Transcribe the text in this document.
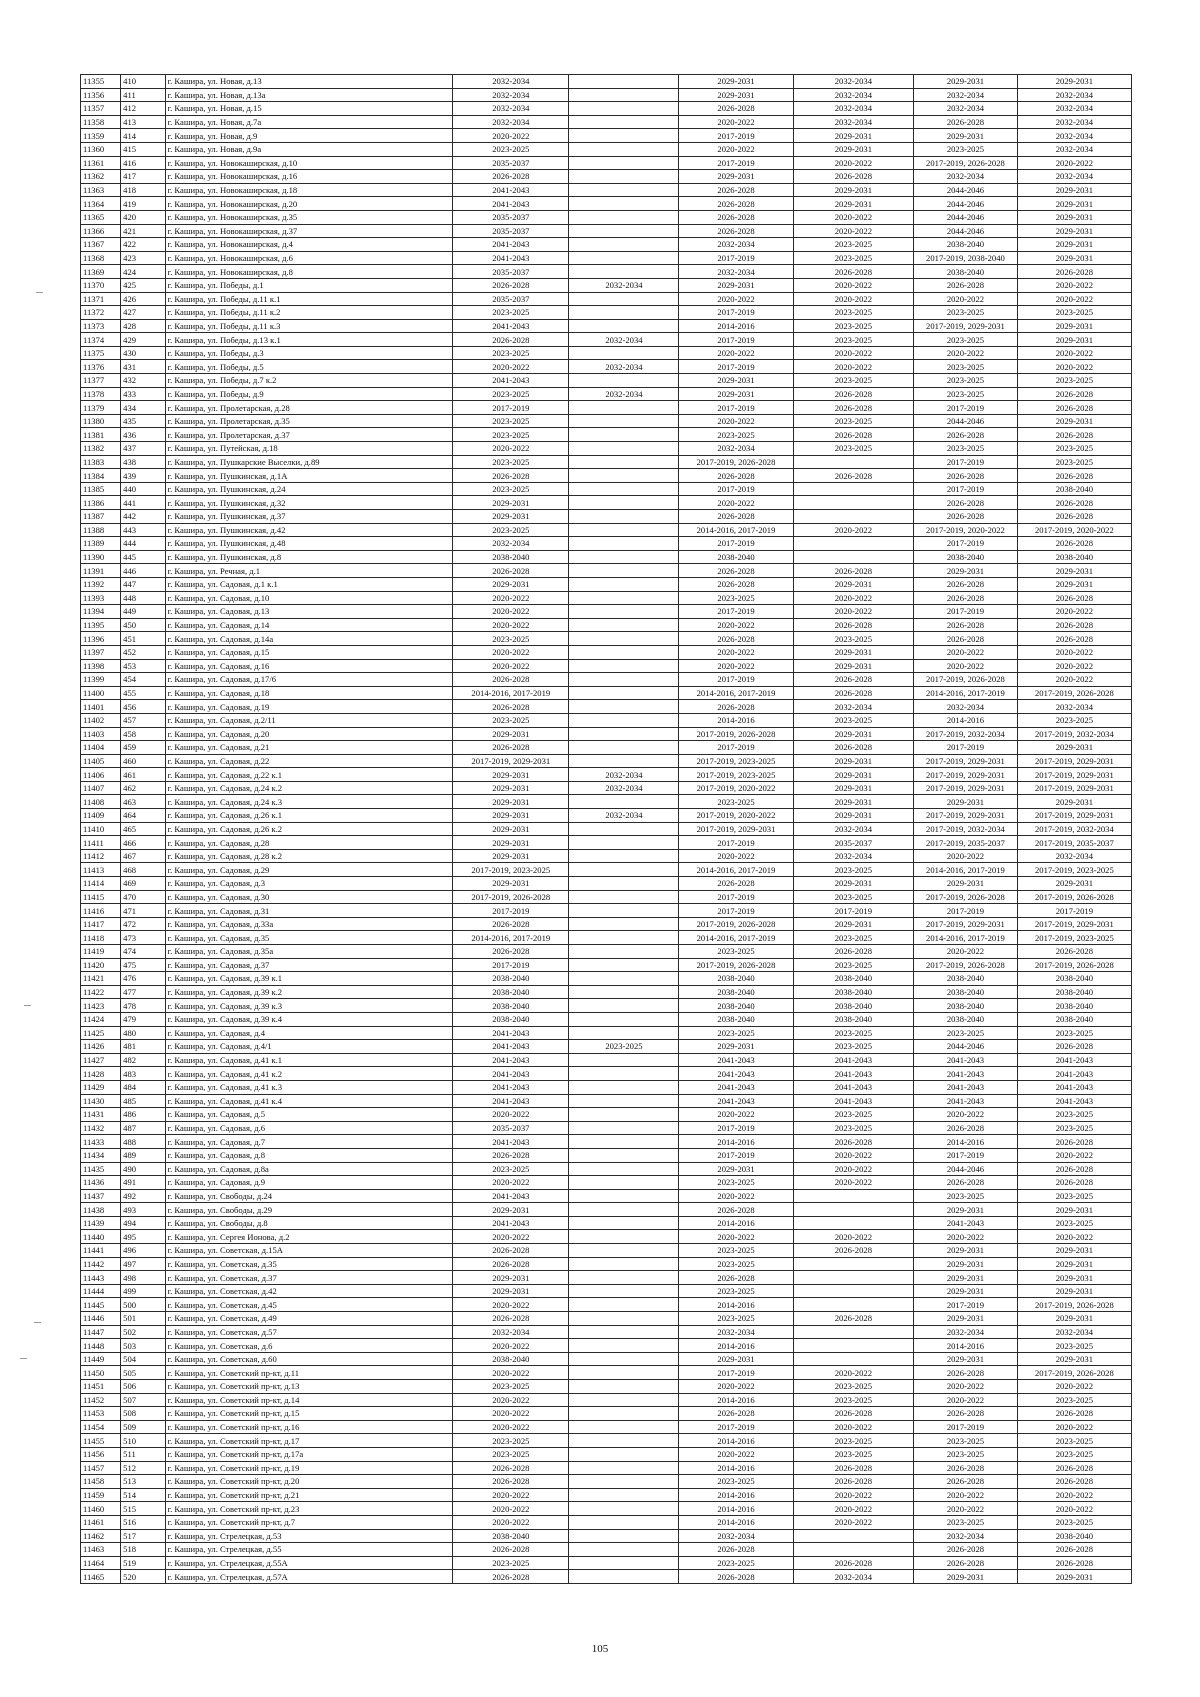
11355	410	г. Кашира, ул. Новая, д.13	2032-2034		2029-2031	2032-2034	2029-2031	2029-2031
11356	411	г. Кашира, ул. Новая, д.13а	2032-2034		2029-2031	2032-2034	2032-2034	2032-2034
11357	412	г. Кашира, ул. Новая, д.15	2032-2034		2026-2028	2032-2034	2032-2034	2032-2034
11358	413	г. Кашира, ул. Новая, д.7а	2032-2034		2020-2022	2032-2034	2026-2028	2032-2034
11359	414	г. Кашира, ул. Новая, д.9	2020-2022		2017-2019	2029-2031	2029-2031	2032-2034
11360	415	г. Кашира, ул. Новая, д.9а	2023-2025		2020-2022	2029-2031	2023-2025	2032-2034
11361	416	г. Кашира, ул. Новокаширская, д.10	2035-2037		2017-2019	2020-2022	2017-2019, 2026-2028	2020-2022
11362	417	г. Кашира, ул. Новокаширская, д.16	2026-2028		2029-2031	2026-2028	2032-2034	2032-2034
11363	418	г. Кашира, ул. Новокаширская, д.18	2041-2043		2026-2028	2029-2031	2044-2046	2029-2031
11364	419	г. Кашира, ул. Новокаширская, д.20	2041-2043		2026-2028	2029-2031	2044-2046	2029-2031
11365	420	г. Кашира, ул. Новокаширская, д.35	2035-2037		2026-2028	2020-2022	2044-2046	2029-2031
11366	421	г. Кашира, ул. Новокаширская, д.37	2035-2037		2026-2028	2020-2022	2044-2046	2029-2031
11367	422	г. Кашира, ул. Новокаширская, д.4	2041-2043		2032-2034	2023-2025	2038-2040	2029-2031
11368	423	г. Кашира, ул. Новокаширская, д.6	2041-2043		2017-2019	2023-2025	2017-2019, 2038-2040	2029-2031
11369	424	г. Кашира, ул. Новокаширская, д.8	2035-2037		2032-2034	2026-2028	2038-2040	2026-2028
11370	425	г. Кашира, ул. Победы, д.1	2026-2028	2032-2034	2029-2031	2020-2022	2026-2028	2020-2022
11371	426	г. Кашира, ул. Победы, д.11 к.1	2035-2037		2020-2022	2020-2022	2020-2022	2020-2022
11372	427	г. Кашира, ул. Победы, д.11 к.2	2023-2025		2017-2019	2023-2025	2023-2025	2023-2025
11373	428	г. Кашира, ул. Победы, д.11 к.3	2041-2043		2014-2016	2023-2025	2017-2019, 2029-2031	2029-2031
11374	429	г. Кашира, ул. Победы, д.13 к.1	2026-2028	2032-2034	2017-2019	2023-2025	2023-2025	2029-2031
11375	430	г. Кашира, ул. Победы, д.3	2023-2025		2020-2022	2020-2022	2020-2022	2020-2022
11376	431	г. Кашира, ул. Победы, д.5	2020-2022	2032-2034	2017-2019	2020-2022	2023-2025	2020-2022
11377	432	г. Кашира, ул. Победы, д.7 к.2	2041-2043		2029-2031	2023-2025	2023-2025	2023-2025
11378	433	г. Кашира, ул. Победы, д.9	2023-2025	2032-2034	2029-2031	2026-2028	2023-2025	2026-2028
11379	434	г. Кашира, ул. Пролетарская, д.28	2017-2019		2017-2019	2026-2028	2017-2019	2026-2028
11380	435	г. Кашира, ул. Пролетарская, д.35	2023-2025		2020-2022	2023-2025	2044-2046	2029-2031
11381	436	г. Кашира, ул. Пролетарская, д.37	2023-2025		2023-2025	2026-2028	2026-2028	2026-2028
11382	437	г. Кашира, ул. Путейская, д.18	2020-2022		2032-2034	2023-2025	2023-2025	2023-2025
11383	438	г. Кашира, ул. Пушкарские Выселки, д.89	2023-2025		2017-2019, 2026-2028		2017-2019	2023-2025
11384	439	г. Кашира, ул. Пушкинская, д.1А	2026-2028		2026-2028	2026-2028	2026-2028	2026-2028
11385	440	г. Кашира, ул. Пушкинская, д.24	2023-2025		2017-2019		2017-2019	2038-2040
11386	441	г. Кашира, ул. Пушкинская, д.32	2029-2031		2020-2022		2026-2028	2026-2028
11387	442	г. Кашира, ул. Пушкинская, д.37	2029-2031		2026-2028		2026-2028	2026-2028
11388	443	г. Кашира, ул. Пушкинская, д.42	2023-2025		2014-2016, 2017-2019	2020-2022	2017-2019, 2020-2022	2017-2019, 2020-2022
11389	444	г. Кашира, ул. Пушкинская, д.48	2032-2034		2017-2019		2017-2019	2026-2028
11390	445	г. Кашира, ул. Пушкинская, д.8	2038-2040		2038-2040		2038-2040	2038-2040
11391	446	г. Кашира, ул. Речная, д.1	2026-2028		2026-2028	2026-2028	2029-2031	2029-2031
11392	447	г. Кашира, ул. Садовая, д.1 к.1	2029-2031		2026-2028	2029-2031	2026-2028	2029-2031
11393	448	г. Кашира, ул. Садовая, д.10	2020-2022		2023-2025	2020-2022	2026-2028	2026-2028
11394	449	г. Кашира, ул. Садовая, д.13	2020-2022		2017-2019	2020-2022	2017-2019	2020-2022
11395	450	г. Кашира, ул. Садовая, д.14	2020-2022		2020-2022	2026-2028	2026-2028	2026-2028
11396	451	г. Кашира, ул. Садовая, д.14а	2023-2025		2026-2028	2023-2025	2026-2028	2026-2028
11397	452	г. Кашира, ул. Садовая, д.15	2020-2022		2020-2022	2029-2031	2020-2022	2020-2022
11398	453	г. Кашира, ул. Садовая, д.16	2020-2022		2020-2022	2029-2031	2020-2022	2020-2022
11399	454	г. Кашира, ул. Садовая, д.17/6	2026-2028		2017-2019	2026-2028	2017-2019, 2026-2028	2020-2022
11400	455	г. Кашира, ул. Садовая, д.18	2014-2016, 2017-2019		2014-2016, 2017-2019	2026-2028	2014-2016, 2017-2019	2017-2019, 2026-2028
11401	456	г. Кашира, ул. Садовая, д.19	2026-2028		2026-2028	2032-2034	2032-2034	2032-2034
11402	457	г. Кашира, ул. Садовая, д.2/11	2023-2025		2014-2016	2023-2025	2014-2016	2023-2025
11403	458	г. Кашира, ул. Садовая, д.20	2029-2031		2017-2019, 2026-2028	2029-2031	2017-2019, 2032-2034	2017-2019, 2032-2034
11404	459	г. Кашира, ул. Садовая, д.21	2026-2028		2017-2019	2026-2028	2017-2019	2029-2031
11405	460	г. Кашира, ул. Садовая, д.22	2017-2019, 2029-2031		2017-2019, 2023-2025	2029-2031	2017-2019, 2029-2031	2017-2019, 2029-2031
11406	461	г. Кашира, ул. Садовая, д.22 к.1	2029-2031	2032-2034	2017-2019, 2023-2025	2029-2031	2017-2019, 2029-2031	2017-2019, 2029-2031
11407	462	г. Кашира, ул. Садовая, д.24 к.2	2029-2031	2032-2034	2017-2019, 2020-2022	2029-2031	2017-2019, 2029-2031	2017-2019, 2029-2031
11408	463	г. Кашира, ул. Садовая, д.24 к.3	2029-2031		2023-2025	2029-2031	2029-2031	2029-2031
11409	464	г. Кашира, ул. Садовая, д.26 к.1	2029-2031	2032-2034	2017-2019, 2020-2022	2029-2031	2017-2019, 2029-2031	2017-2019, 2029-2031
11410	465	г. Кашира, ул. Садовая, д.26 к.2	2029-2031		2017-2019, 2029-2031	2032-2034	2017-2019, 2032-2034	2017-2019, 2032-2034
11411	466	г. Кашира, ул. Садовая, д.28	2029-2031		2017-2019	2035-2037	2017-2019, 2035-2037	2017-2019, 2035-2037
11412	467	г. Кашира, ул. Садовая, д.28 к.2	2029-2031		2020-2022	2032-2034	2020-2022	2032-2034
11413	468	г. Кашира, ул. Садовая, д.29	2017-2019, 2023-2025		2014-2016, 2017-2019	2023-2025	2014-2016, 2017-2019	2017-2019, 2023-2025
11414	469	г. Кашира, ул. Садовая, д.3	2029-2031		2026-2028	2029-2031	2029-2031	2029-2031
11415	470	г. Кашира, ул. Садовая, д.30	2017-2019, 2026-2028		2017-2019	2023-2025	2017-2019, 2026-2028	2017-2019, 2026-2028
11416	471	г. Кашира, ул. Садовая, д.31	2017-2019		2017-2019	2017-2019	2017-2019	2017-2019
11417	472	г. Кашира, ул. Садовая, д.33а	2026-2028		2017-2019, 2026-2028	2029-2031	2017-2019, 2029-2031	2017-2019, 2029-2031
11418	473	г. Кашира, ул. Садовая, д.35	2014-2016, 2017-2019		2014-2016, 2017-2019	2023-2025	2014-2016, 2017-2019	2017-2019, 2023-2025
11419	474	г. Кашира, ул. Садовая, д.35а	2026-2028		2023-2025	2026-2028	2020-2022	2026-2028
11420	475	г. Кашира, ул. Садовая, д.37	2017-2019		2017-2019, 2026-2028	2023-2025	2017-2019, 2026-2028	2017-2019, 2026-2028
11421	476	г. Кашира, ул. Садовая, д.39 к.1	2038-2040		2038-2040	2038-2040	2038-2040	2038-2040
11422	477	г. Кашира, ул. Садовая, д.39 к.2	2038-2040		2038-2040	2038-2040	2038-2040	2038-2040
11423	478	г. Кашира, ул. Садовая, д.39 к.3	2038-2040		2038-2040	2038-2040	2038-2040	2038-2040
11424	479	г. Кашира, ул. Садовая, д.39 к.4	2038-2040		2038-2040	2038-2040	2038-2040	2038-2040
11425	480	г. Кашира, ул. Садовая, д.4	2041-2043		2023-2025	2023-2025	2023-2025	2023-2025
11426	481	г. Кашира, ул. Садовая, д.4/1	2041-2043	2023-2025	2029-2031	2023-2025	2044-2046	2026-2028
11427	482	г. Кашира, ул. Садовая, д.41 к.1	2041-2043		2041-2043	2041-2043	2041-2043	2041-2043
11428	483	г. Кашира, ул. Садовая, д.41 к.2	2041-2043		2041-2043	2041-2043	2041-2043	2041-2043
11429	484	г. Кашира, ул. Садовая, д.41 к.3	2041-2043		2041-2043	2041-2043	2041-2043	2041-2043
11430	485	г. Кашира, ул. Садовая, д.41 к.4	2041-2043		2041-2043	2041-2043	2041-2043	2041-2043
11431	486	г. Кашира, ул. Садовая, д.5	2020-2022		2020-2022	2023-2025	2020-2022	2023-2025
11432	487	г. Кашира, ул. Садовая, д.6	2035-2037		2017-2019	2023-2025	2026-2028	2023-2025
11433	488	г. Кашира, ул. Садовая, д.7	2041-2043		2014-2016	2026-2028	2014-2016	2026-2028
11434	489	г. Кашира, ул. Садовая, д.8	2026-2028		2017-2019	2020-2022	2017-2019	2020-2022
11435	490	г. Кашира, ул. Садовая, д.8а	2023-2025		2029-2031	2020-2022	2044-2046	2026-2028
11436	491	г. Кашира, ул. Садовая, д.9	2020-2022		2023-2025	2020-2022	2026-2028	2026-2028
11437	492	г. Кашира, ул. Свободы, д.24	2041-2043		2020-2022		2023-2025	2023-2025
11438	493	г. Кашира, ул. Свободы, д.29	2029-2031		2026-2028		2029-2031	2029-2031
11439	494	г. Кашира, ул. Свободы, д.8	2041-2043		2014-2016		2041-2043	2023-2025
11440	495	г. Кашира, ул. Сергея Ионова, д.2	2020-2022		2020-2022	2020-2022	2020-2022	2020-2022
11441	496	г. Кашира, ул. Советская, д.15А	2026-2028		2023-2025	2026-2028	2029-2031	2029-2031
11442	497	г. Кашира, ул. Советская, д.35	2026-2028		2023-2025		2029-2031	2029-2031
11443	498	г. Кашира, ул. Советская, д.37	2029-2031		2026-2028		2029-2031	2029-2031
11444	499	г. Кашира, ул. Советская, д.42	2029-2031		2023-2025		2029-2031	2029-2031
11445	500	г. Кашира, ул. Советская, д.45	2020-2022		2014-2016		2017-2019	2017-2019, 2026-2028
11446	501	г. Кашира, ул. Советская, д.49	2026-2028		2023-2025	2026-2028	2029-2031	2029-2031
11447	502	г. Кашира, ул. Советская, д.57	2032-2034		2032-2034		2032-2034	2032-2034
11448	503	г. Кашира, ул. Советская, д.6	2020-2022		2014-2016		2014-2016	2023-2025
11449	504	г. Кашира, ул. Советская, д.60	2038-2040		2029-2031		2029-2031	2029-2031
11450	505	г. Кашира, ул. Советский пр-кт, д.11	2020-2022		2017-2019	2020-2022	2026-2028	2017-2019, 2026-2028
11451	506	г. Кашира, ул. Советский пр-кт, д.13	2023-2025		2020-2022	2023-2025	2020-2022	2020-2022
11452	507	г. Кашира, ул. Советский пр-кт, д.14	2020-2022		2014-2016	2023-2025	2020-2022	2023-2025
11453	508	г. Кашира, ул. Советский пр-кт, д.15	2020-2022		2026-2028	2026-2028	2026-2028	2026-2028
11454	509	г. Кашира, ул. Советский пр-кт, д.16	2020-2022		2017-2019	2020-2022	2017-2019	2020-2022
11455	510	г. Кашира, ул. Советский пр-кт, д.17	2023-2025		2014-2016	2023-2025	2023-2025	2023-2025
11456	511	г. Кашира, ул. Советский пр-кт, д.17а	2023-2025		2020-2022	2023-2025	2023-2025	2023-2025
11457	512	г. Кашира, ул. Советский пр-кт, д.19	2026-2028		2014-2016	2026-2028	2026-2028	2026-2028
11458	513	г. Кашира, ул. Советский пр-кт, д.20	2026-2028		2023-2025	2026-2028	2026-2028	2026-2028
11459	514	г. Кашира, ул. Советский пр-кт, д.21	2020-2022		2014-2016	2020-2022	2020-2022	2020-2022
11460	515	г. Кашира, ул. Советский пр-кт, д.23	2020-2022		2014-2016	2020-2022	2020-2022	2020-2022
11461	516	г. Кашира, ул. Советский пр-кт, д.7	2020-2022		2014-2016	2020-2022	2023-2025	2023-2025
11462	517	г. Кашира, ул. Стрелецкая, д.53	2038-2040		2032-2034		2032-2034	2038-2040
11463	518	г. Кашира, ул. Стрелецкая, д.55	2026-2028		2026-2028		2026-2028	2026-2028
11464	519	г. Кашира, ул. Стрелецкая, д.55А	2023-2025		2023-2025	2026-2028	2026-2028	2026-2028
11465	520	г. Кашира, ул. Стрелецкая, д.57А	2026-2028		2026-2028	2032-2034	2029-2031	2029-2031
105
